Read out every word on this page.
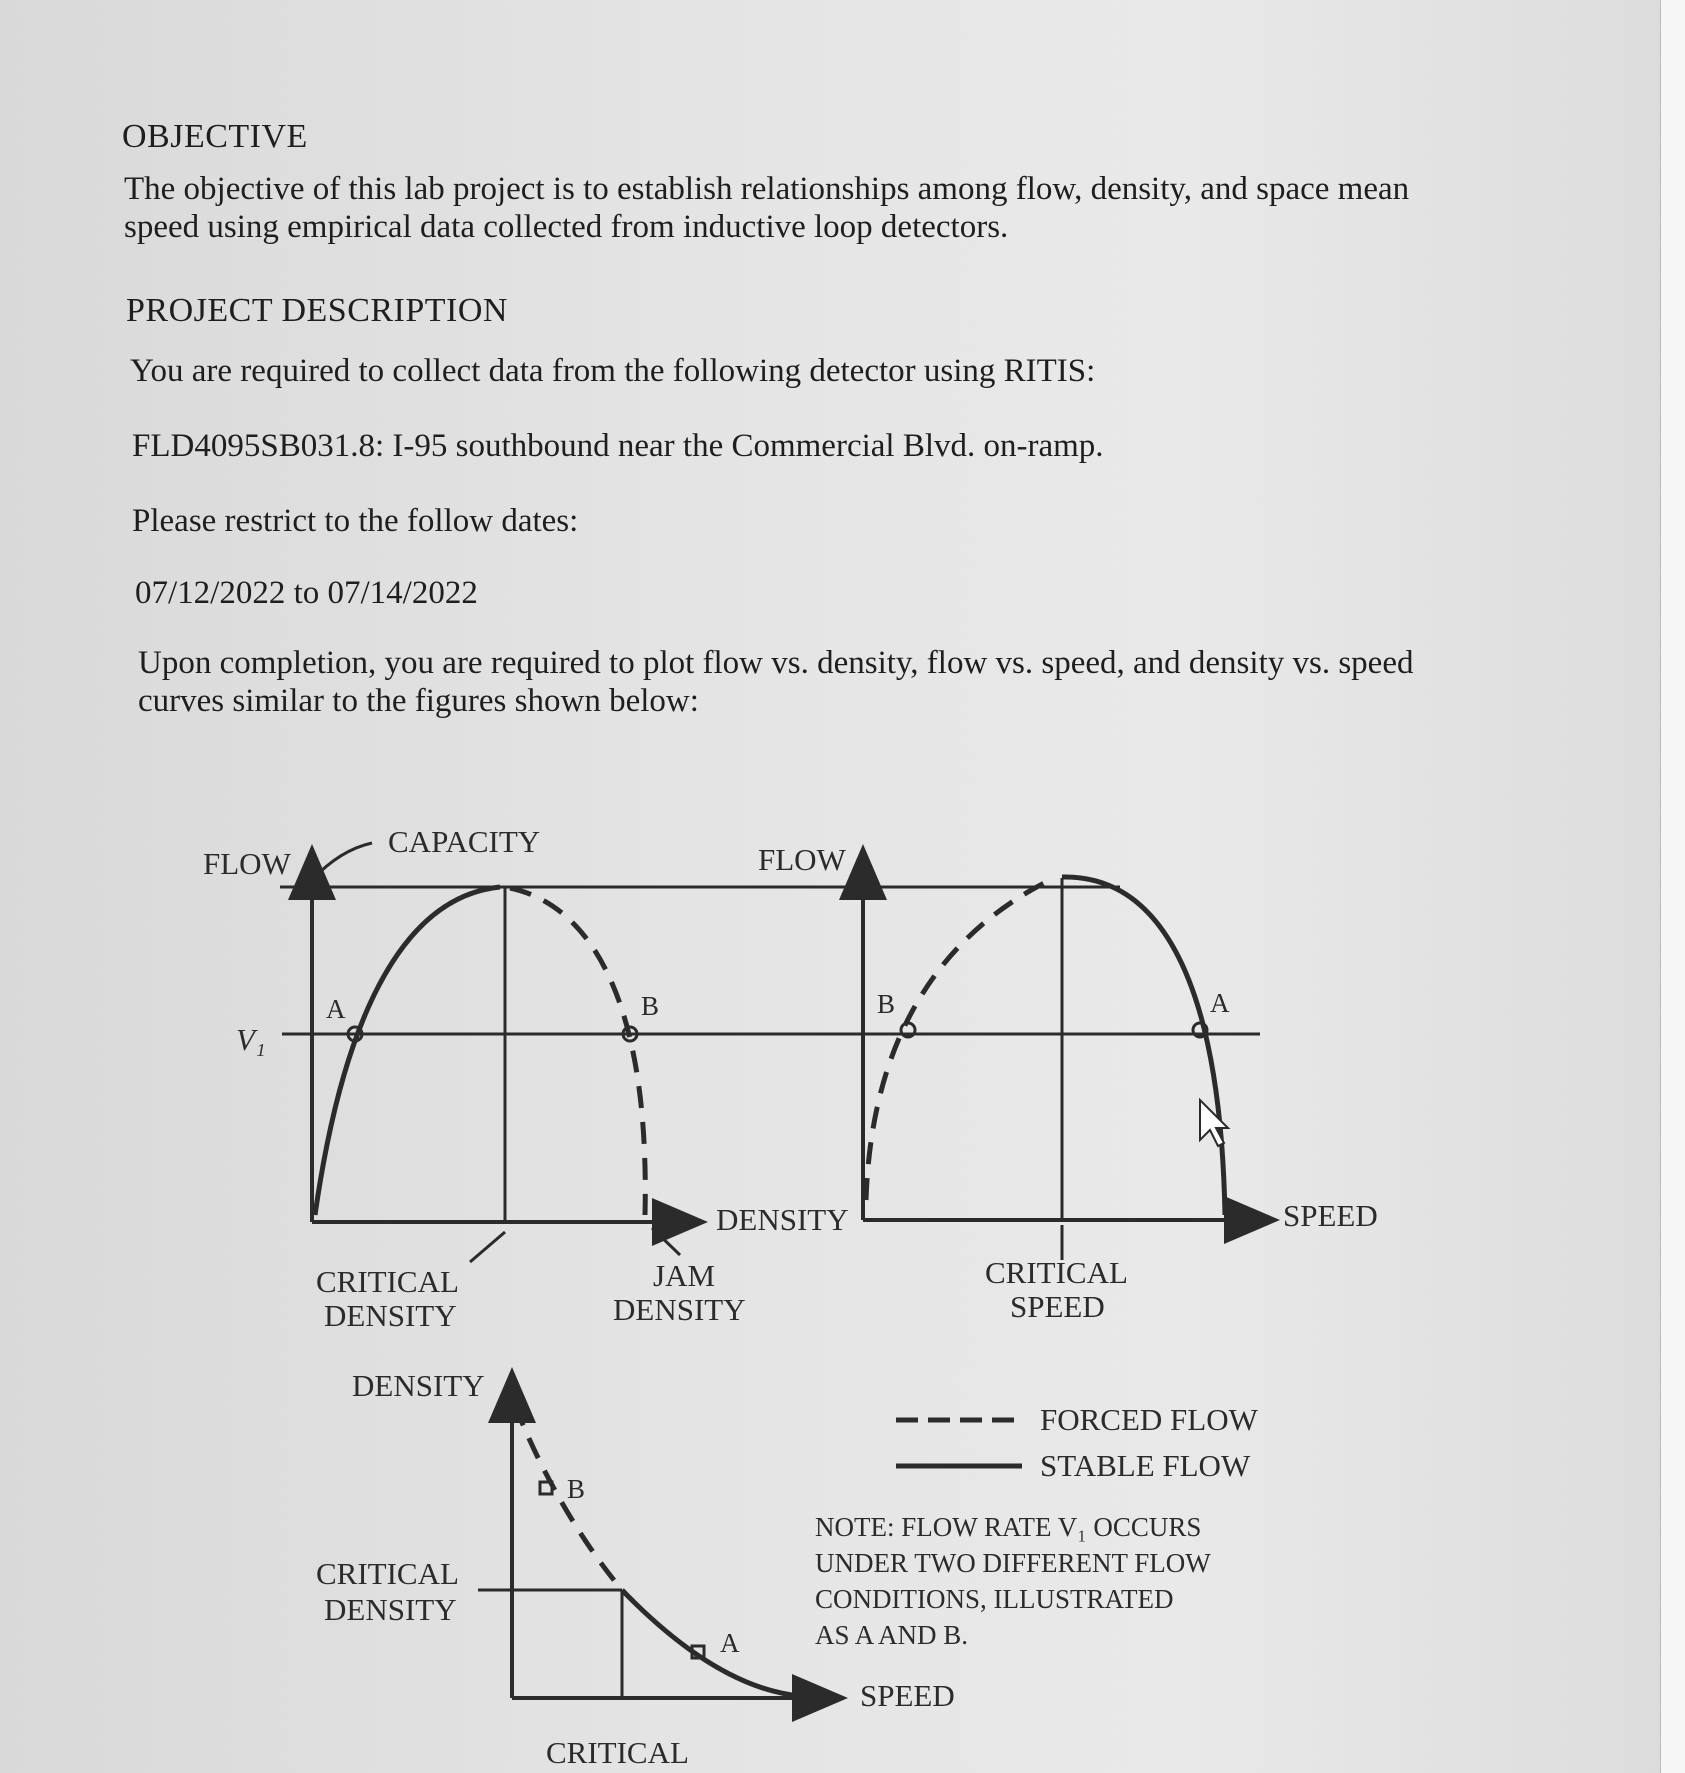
OBJECTIVE
The objective of this lab project is to establish relationships among flow, density, and space mean speed using empirical data collected from inductive loop detectors.
PROJECT DESCRIPTION
You are required to collect data from the following detector using RITIS:
FLD4095SB031.8: I-95 southbound near the Commercial Blvd. on-ramp.
Please restrict to the follow dates:
07/12/2022 to 07/14/2022
Upon completion, you are required to plot flow vs. density, flow vs. speed, and density vs. speed curves similar to the figures shown below:
FLOW
CAPACITY
V₁
A	B
DENSITY
CRITICAL
DENSITY
JAM
DENSITY
FLOW
A
B
SPEED
CRITICAL
SPEED
DENSITY
B
A
CRITICAL
DENSITY
SPEED
CRITICAL
FORCED FLOW
STABLE FLOW
NOTE: FLOW RATE V₁ OCCURS
UNDER TWO DIFFERENT FLOW
CONDITIONS, ILLUSTRATED
AS A AND B.
